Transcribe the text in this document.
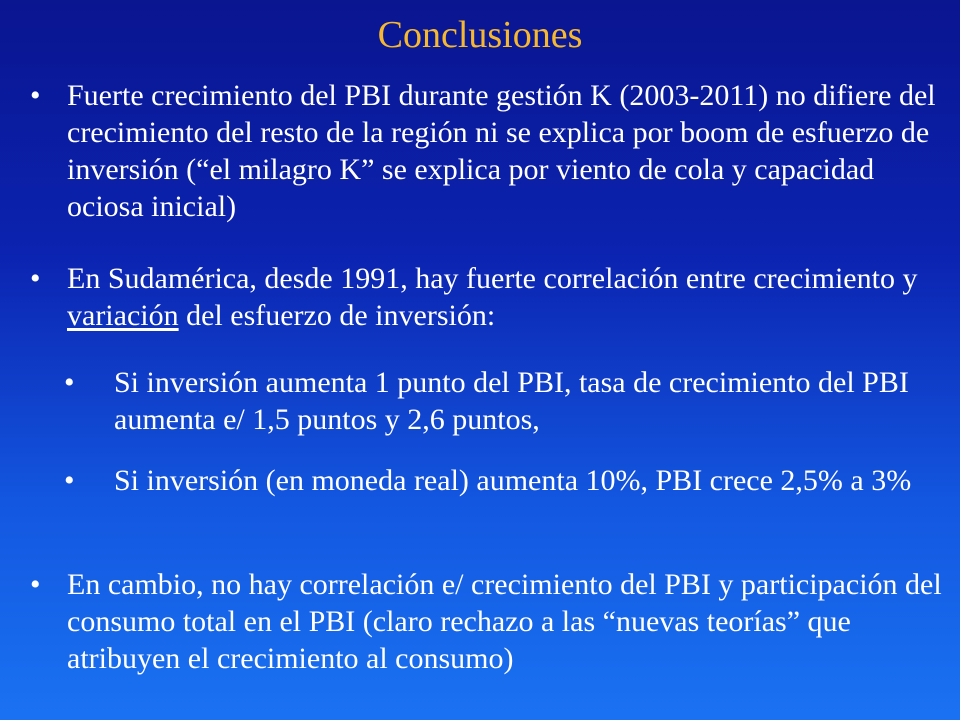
Conclusiones
• Fuerte crecimiento del PBI durante gestión K (2003-2011) no difiere del crecimiento del resto de la región ni se explica por boom de esfuerzo de inversión (“el milagro K” se explica por viento de cola y capacidad ociosa inicial)
• En Sudamérica, desde 1991, hay fuerte correlación entre crecimiento y variación del esfuerzo de inversión:
• Si inversión aumenta 1 punto del PBI, tasa de crecimiento del PBI aumenta e/ 1,5 puntos y 2,6 puntos,
• Si inversión (en moneda real) aumenta 10%, PBI crece 2,5% a 3%
• En cambio, no hay correlación e/ crecimiento del PBI y participación del consumo total en el PBI (claro rechazo a las “nuevas teorías” que atribuyen el crecimiento al consumo)
